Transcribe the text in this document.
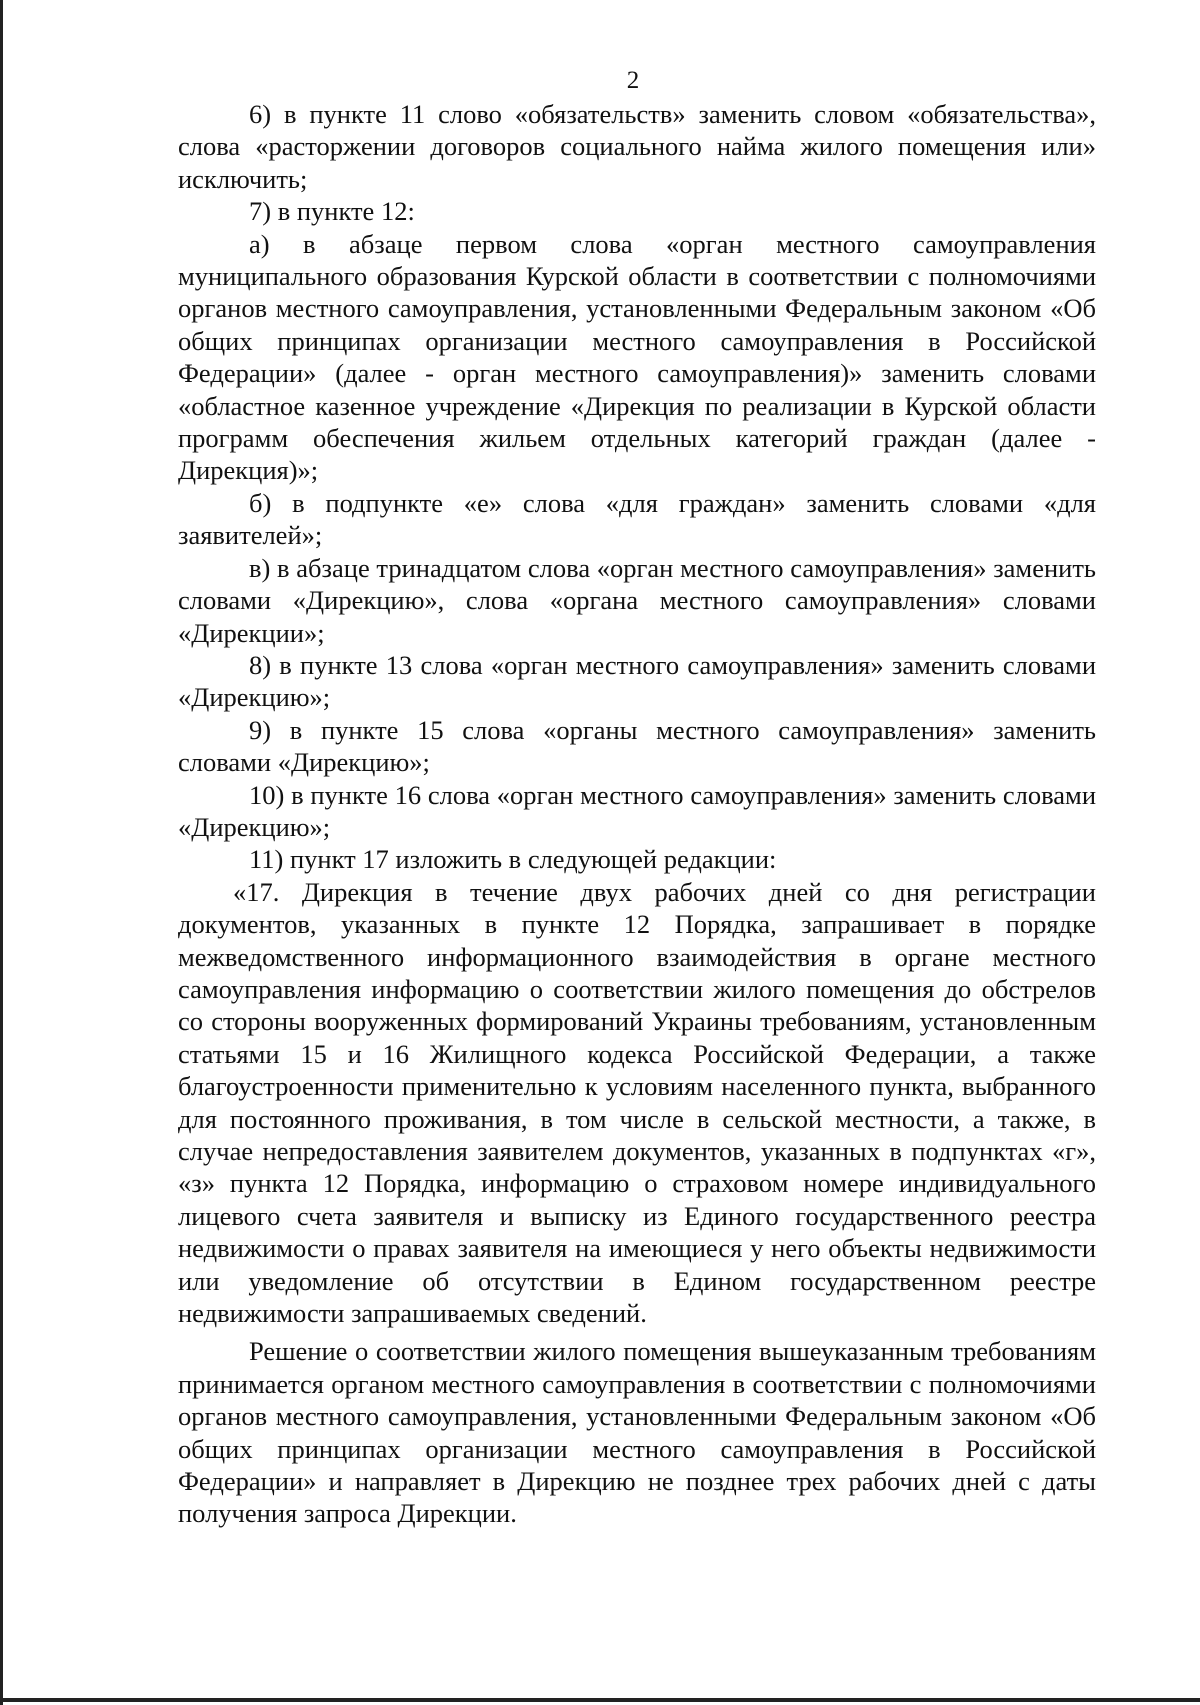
2

6) в пункте 11 слово «обязательств» заменить словом «обязательства», слова «расторжении договоров социального найма жилого помещения или» исключить;

7) в пункте 12:

а) в абзаце первом слова «орган местного самоуправления муниципального образования Курской области в соответствии с полномочиями органов местного самоуправления, установленными Федеральным законом «Об общих принципах организации местного самоуправления в Российской Федерации» (далее - орган местного самоуправления)» заменить словами «областное казенное учреждение «Дирекция по реализации в Курской области программ обеспечения жильем отдельных категорий граждан (далее - Дирекция)»;

б) в подпункте «е» слова «для граждан» заменить словами «для заявителей»;

в) в абзаце тринадцатом слова «орган местного самоуправления» заменить словами «Дирекцию», слова «органа местного самоуправления» словами «Дирекции»;

8) в пункте 13 слова «орган местного самоуправления» заменить словами «Дирекцию»;

9) в пункте 15 слова «органы местного самоуправления» заменить словами «Дирекцию»;

10) в пункте 16 слова «орган местного самоуправления» заменить словами «Дирекцию»;

11) пункт 17 изложить в следующей редакции:

«17. Дирекция в течение двух рабочих дней со дня регистрации документов, указанных в пункте 12 Порядка, запрашивает в порядке межведомственного информационного взаимодействия в органе местного самоуправления информацию о соответствии жилого помещения до обстрелов со стороны вооруженных формирований Украины требованиям, установленным статьями 15 и 16 Жилищного кодекса Российской Федерации, а также благоустроенности применительно к условиям населенного пункта, выбранного для постоянного проживания, в том числе в сельской местности, а также, в случае непредоставления заявителем документов, указанных в подпунктах «г», «з» пункта 12 Порядка, информацию о страховом номере индивидуального лицевого счета заявителя и выписку из Единого государственного реестра недвижимости о правах заявителя на имеющиеся у него объекты недвижимости или уведомление об отсутствии в Едином государственном реестре недвижимости запрашиваемых сведений.

Решение о соответствии жилого помещения вышеуказанным требованиям принимается органом местного самоуправления в соответствии с полномочиями органов местного самоуправления, установленными Федеральным законом «Об общих принципах организации местного самоуправления в Российской Федерации» и направляет в Дирекцию не позднее трех рабочих дней с даты получения запроса Дирекции.
